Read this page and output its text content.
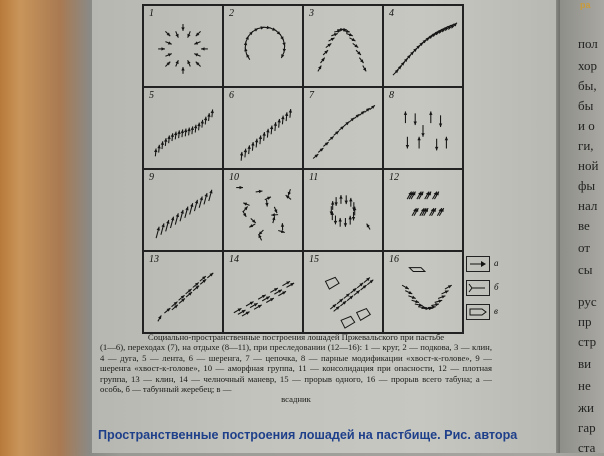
ра
1	2	3	4
5	6	7	8
9	10	11	12
13	14	15	16	а
б
в
Социально-пространственные построения лошадей Пржевальского при пастьбе
(1—6), переходах (7), на отдыхе (8—11), при преследовании (12—16): 1 — круг, 2 — подкова, 3 — клин, 4 — дуга, 5 — лента, 6 — шеренга, 7 — цепочка, 8 — парные модификации «хвост-к-голове», 9 — шеренга «хвост-к-голове», 10 — аморфная группа, 11 — консолидация при опасности, 12 — плотная группа, 13 — клин, 14 — челночный маневр, 15 — прорыв одного, 16 — прорыв всего табуна; а — особь, б — табунный жеребец; в —
всадник
Пространственные построения лошадей на пастбище. Рис. автора
пол
хор
бы,
бы
и о
ги,
ной
фы
нал
ве
от
сы
рус
пр
стр
ви
не
жи
гар
ста
